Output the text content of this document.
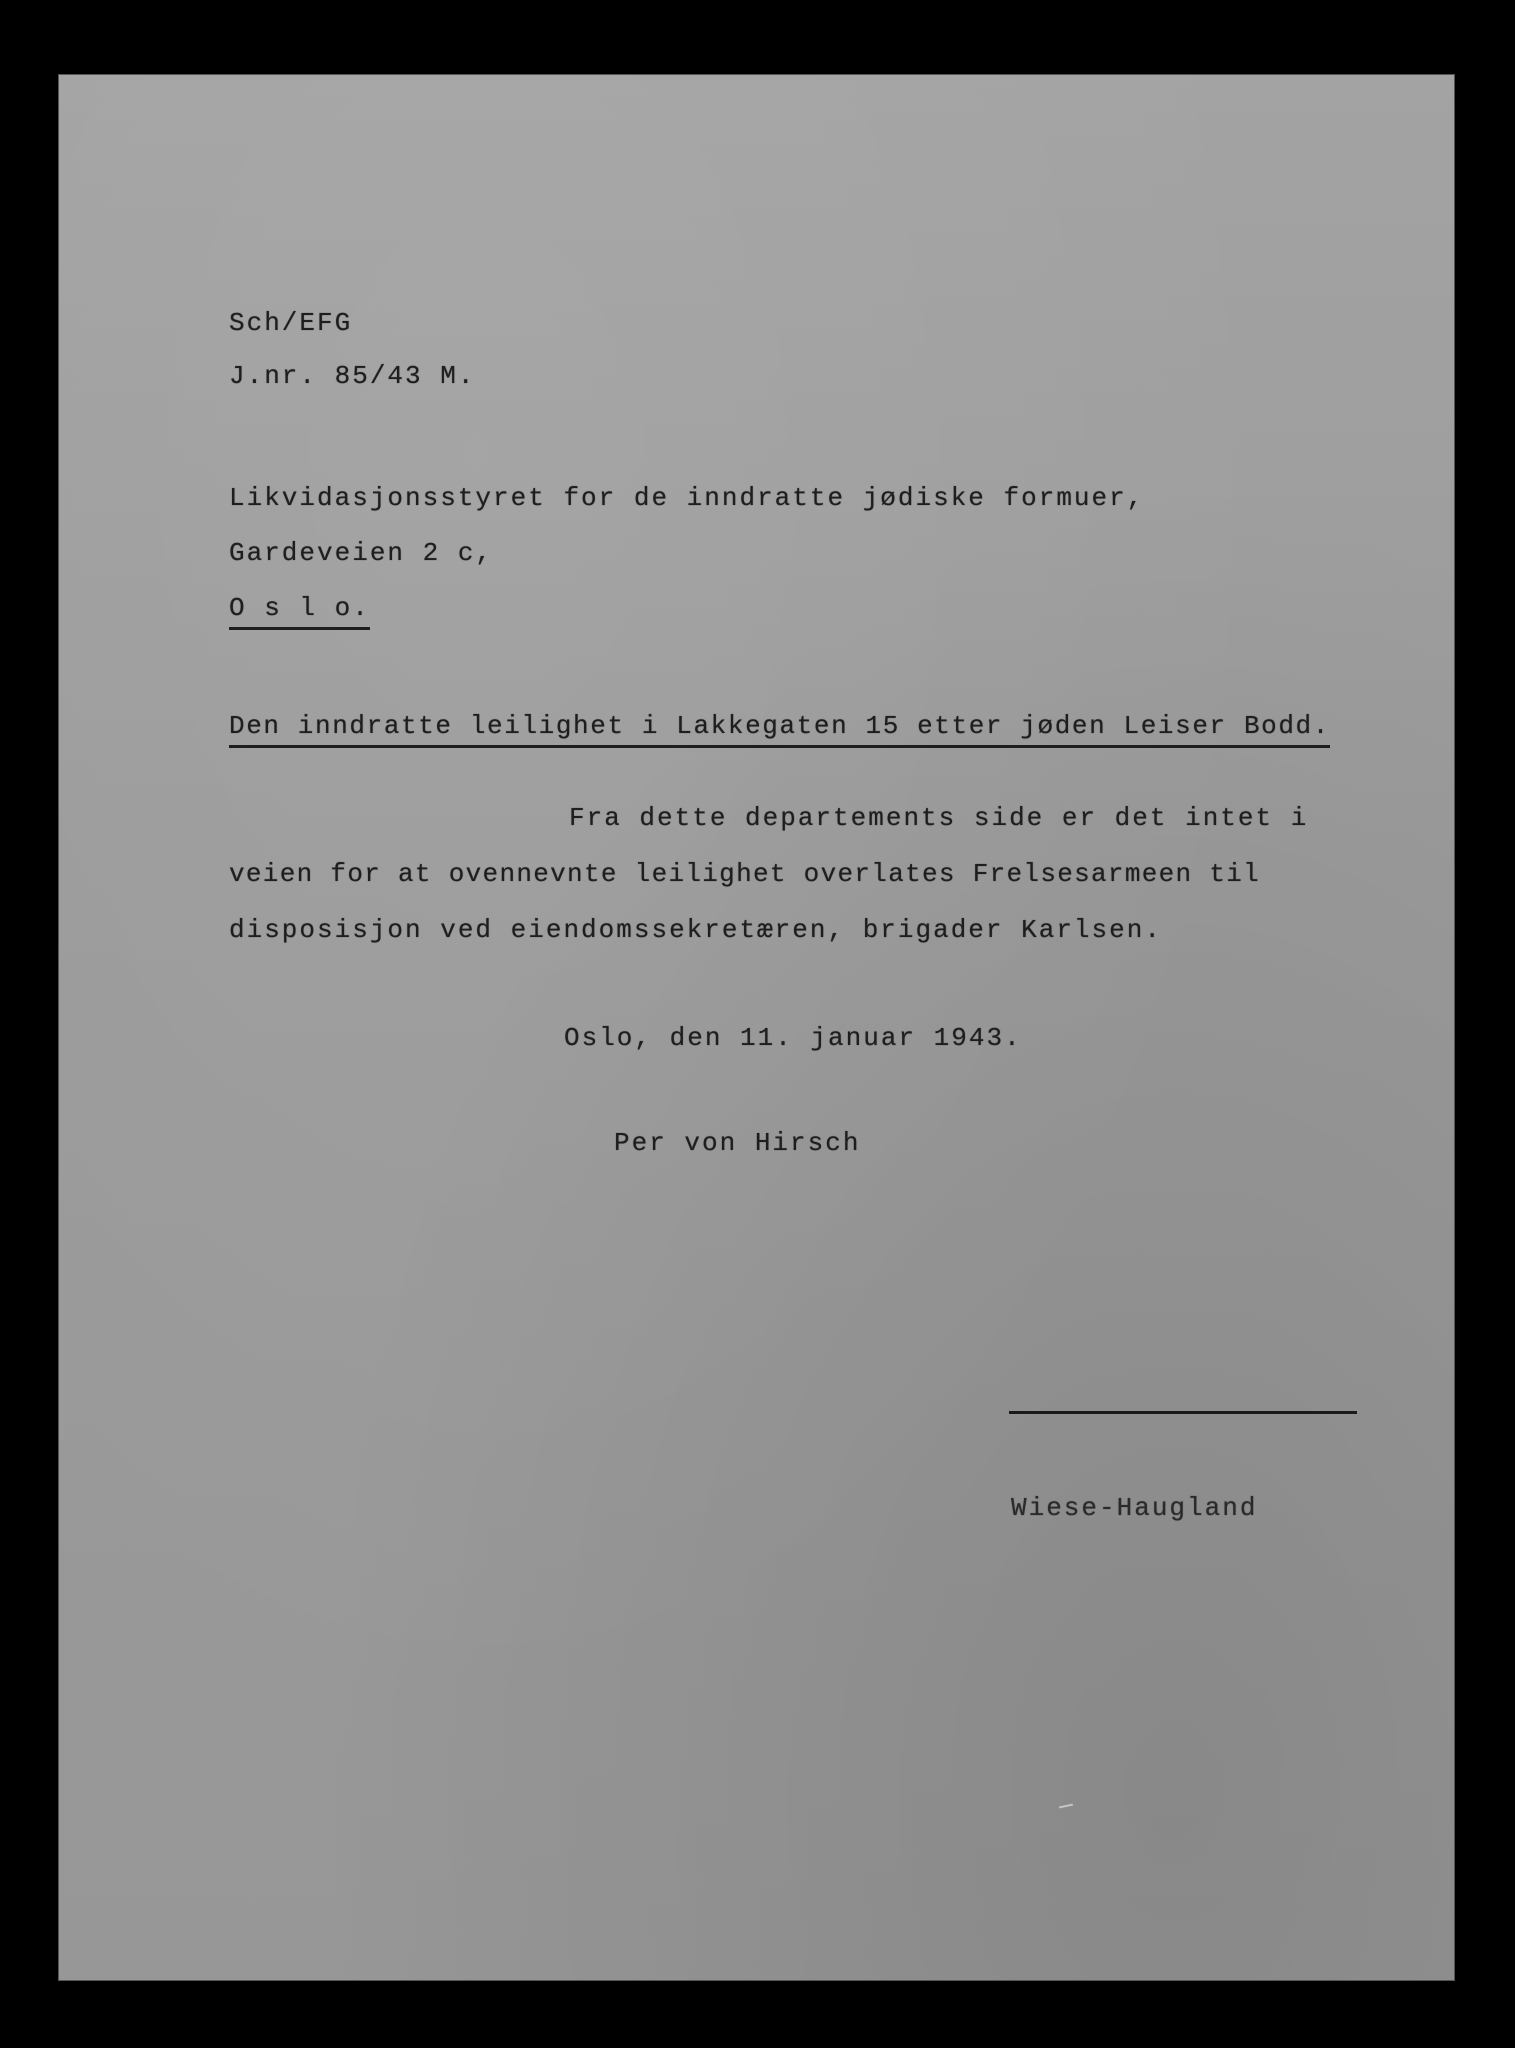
Sch/EFG
J.nr. 85/43 M.
Likvidasjonsstyret for de inndratte jødiske formuer,
Gardeveien 2 c,
O s l o.
Den inndratte leilighet i Lakkegaten 15 etter jøden Leiser Bodd.
Fra dette departements side er det intet i
veien for at ovennevnte leilighet overlates Frelsesarmeen til
disposisjon ved eiendomssekretæren, brigader Karlsen.
Oslo, den 11. januar 1943.
Per von Hirsch
Wiese-Haugland
